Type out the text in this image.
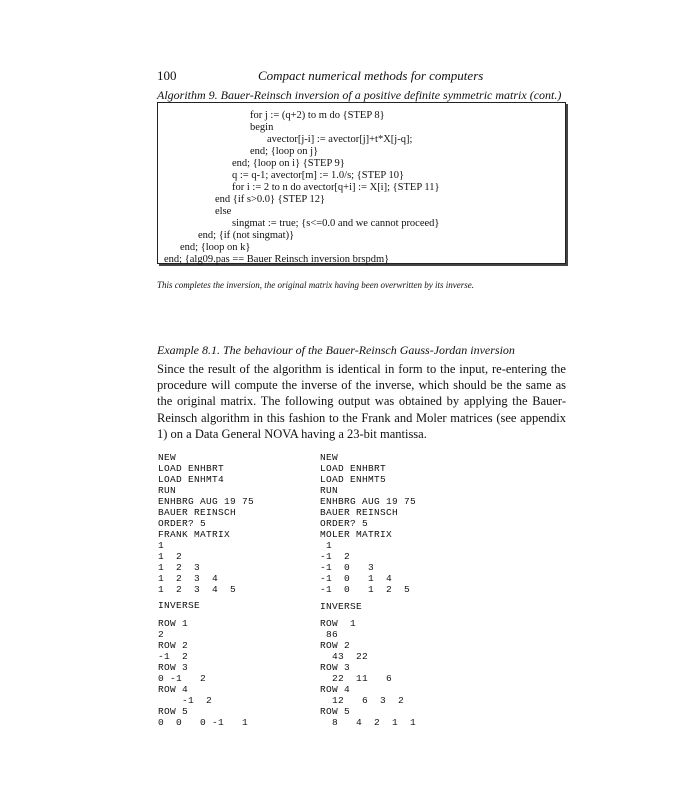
100	Compact numerical methods for computers
Algorithm 9. Bauer-Reinsch inversion of a positive definite symmetric matrix (cont.)
for j := (q+2) to m do {STEP 8}
begin
avector[j-i] := avector[j]+t*X[j-q];
end; {loop on j}
end; {loop on i} {STEP 9}
q := q-1; avector[m] := 1.0/s; {STEP 10}
for i := 2 to n do avector[q+i] := X[i]; {STEP 11}
end {if s>0.0} {STEP 12}
else
singmat := true; {s<=0.0 and we cannot proceed}
end; {if (not singmat)}
end; {loop on k}
end; {alg09.pas == Bauer Reinsch inversion brspdm}
This completes the inversion, the original matrix having been overwritten by its inverse.
Example 8.1. The behaviour of the Bauer-Reinsch Gauss-Jordan inversion

Since the result of the algorithm is identical in form to the input, re-entering the procedure will compute the inverse of the inverse, which should be the same as the original matrix. The following output was obtained by applying the Bauer-Reinsch algorithm in this fashion to the Frank and Moler matrices (see appendix 1) on a Data General NOVA having a 23-bit mantissa.

NEW
LOAD ENHBRT
LOAD ENHMT4
RUN
ENHBRG AUG 19 75
BAUER REINSCH
ORDER? 5
FRANK MATRIX
1
1  2
1  2  3
1  2  3  4
1  2  3  4  5
INVERSE
ROW 1
2
ROW 2
-1  2
ROW 3
0 -1   2
ROW 4
-1  2
ROW 5
0  0   0 -1   1
NEW
LOAD ENHBRT
LOAD ENHMT5
RUN
ENHBRG AUG 19 75
BAUER REINSCH
ORDER? 5
MOLER MATRIX
1
-1  2
-1  0   3
-1  0   1  4
-1  0   1  2  5
INVERSE
ROW  1
86
ROW 2
43  22
ROW 3
22  11   6
ROW 4
12   6  3  2
ROW 5
8   4  2  1  1
